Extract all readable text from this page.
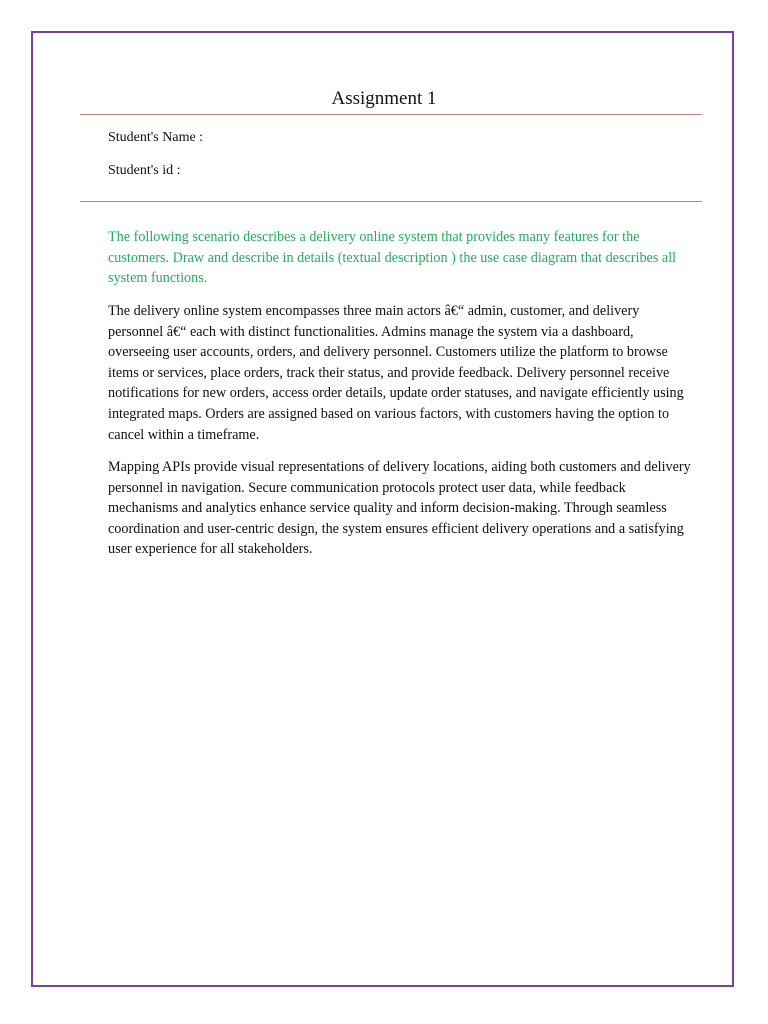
Assignment 1

Student's Name :

Student's id :

The following scenario describes a delivery online system that provides many features for the customers. Draw and describe in details (textual description ) the use case diagram that describes all system functions.

The delivery online system encompasses three main actors â€“ admin, customer, and delivery personnel â€“ each with distinct functionalities. Admins manage the system via a dashboard, overseeing user accounts, orders, and delivery personnel. Customers utilize the platform to browse items or services, place orders, track their status, and provide feedback. Delivery personnel receive notifications for new orders, access order details, update order statuses, and navigate efficiently using integrated maps. Orders are assigned based on various factors, with customers having the option to cancel within a timeframe.

Mapping APIs provide visual representations of delivery locations, aiding both customers and delivery personnel in navigation. Secure communication protocols protect user data, while feedback mechanisms and analytics enhance service quality and inform decision-making. Through seamless coordination and user-centric design, the system ensures efficient delivery operations and a satisfying user experience for all stakeholders.
